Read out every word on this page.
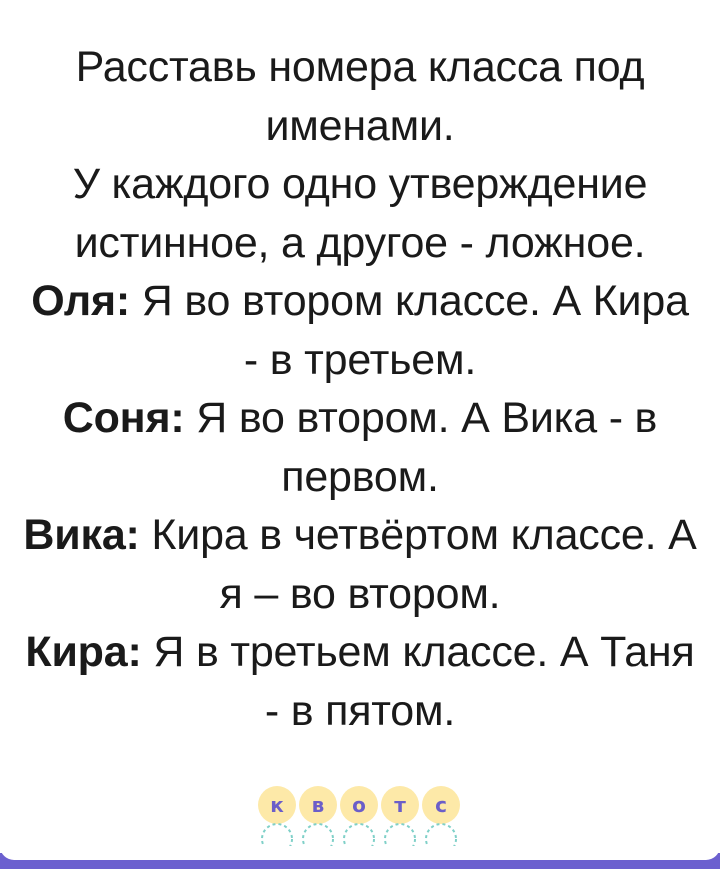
Расставь номера класса под именами.

У каждого одно утверждение истинное, а другое - ложное.

Оля: Я во втором классе. А Кира - в третьем.

Соня: Я во втором. А Вика - в первом.

Вика: Кира в четвёртом классе. А я – во втором.

Кира: Я в третьем классе. А Таня - в пятом.

к	в	о	т	с
